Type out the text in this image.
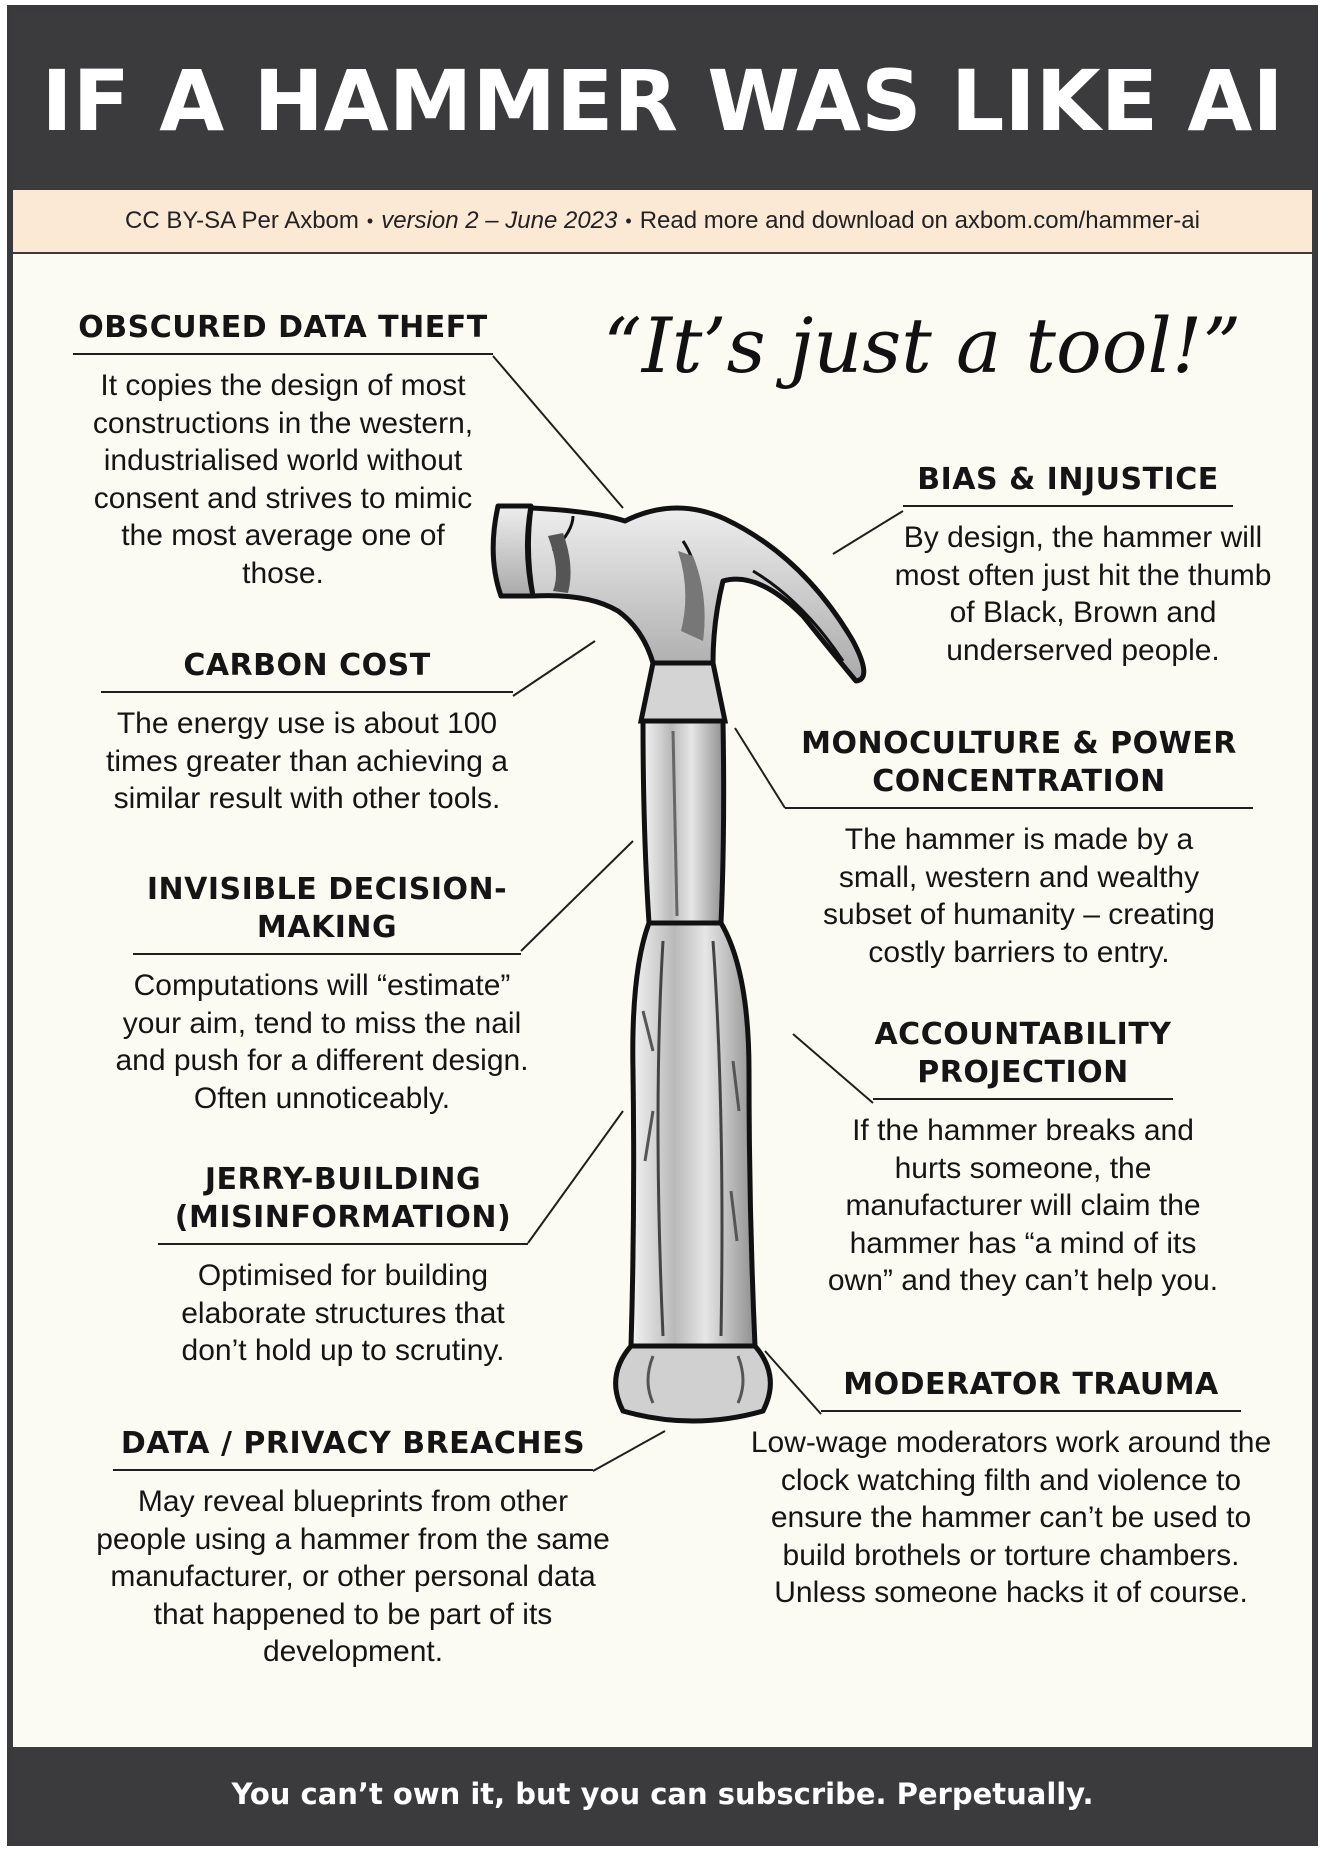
IF A HAMMER WAS LIKE AI
CC BY-SA Per Axbom • version 2 – June 2023 • Read more and download on axbom.com/hammer-ai
“It’s just a tool!”
OBSCURED DATA THEFT
It copies the design of most constructions in the western, industrialised world without consent and strives to mimic the most average one of those.
CARBON COST
The energy use is about 100 times greater than achieving a similar result with other tools.
INVISIBLE DECISION-MAKING
Computations will “estimate” your aim, tend to miss the nail and push for a different design. Often unnoticeably.
JERRY-BUILDING (MISINFORMATION)
Optimised for building elaborate structures that don’t hold up to scrutiny.
DATA / PRIVACY BREACHES
May reveal blueprints from other people using a hammer from the same manufacturer, or other personal data that happened to be part of its development.
BIAS & INJUSTICE
By design, the hammer will most often just hit the thumb of Black, Brown and underserved people.
MONOCULTURE & POWER CONCENTRATION
The hammer is made by a small, western and wealthy subset of humanity – creating costly barriers to entry.
ACCOUNTABILITY PROJECTION
If the hammer breaks and hurts someone, the manufacturer will claim the hammer has “a mind of its own” and they can’t help you.
MODERATOR TRAUMA
Low-wage moderators work around the clock watching filth and violence to ensure the hammer can’t be used to build brothels or torture chambers. Unless someone hacks it of course.
You can’t own it, but you can subscribe. Perpetually.
